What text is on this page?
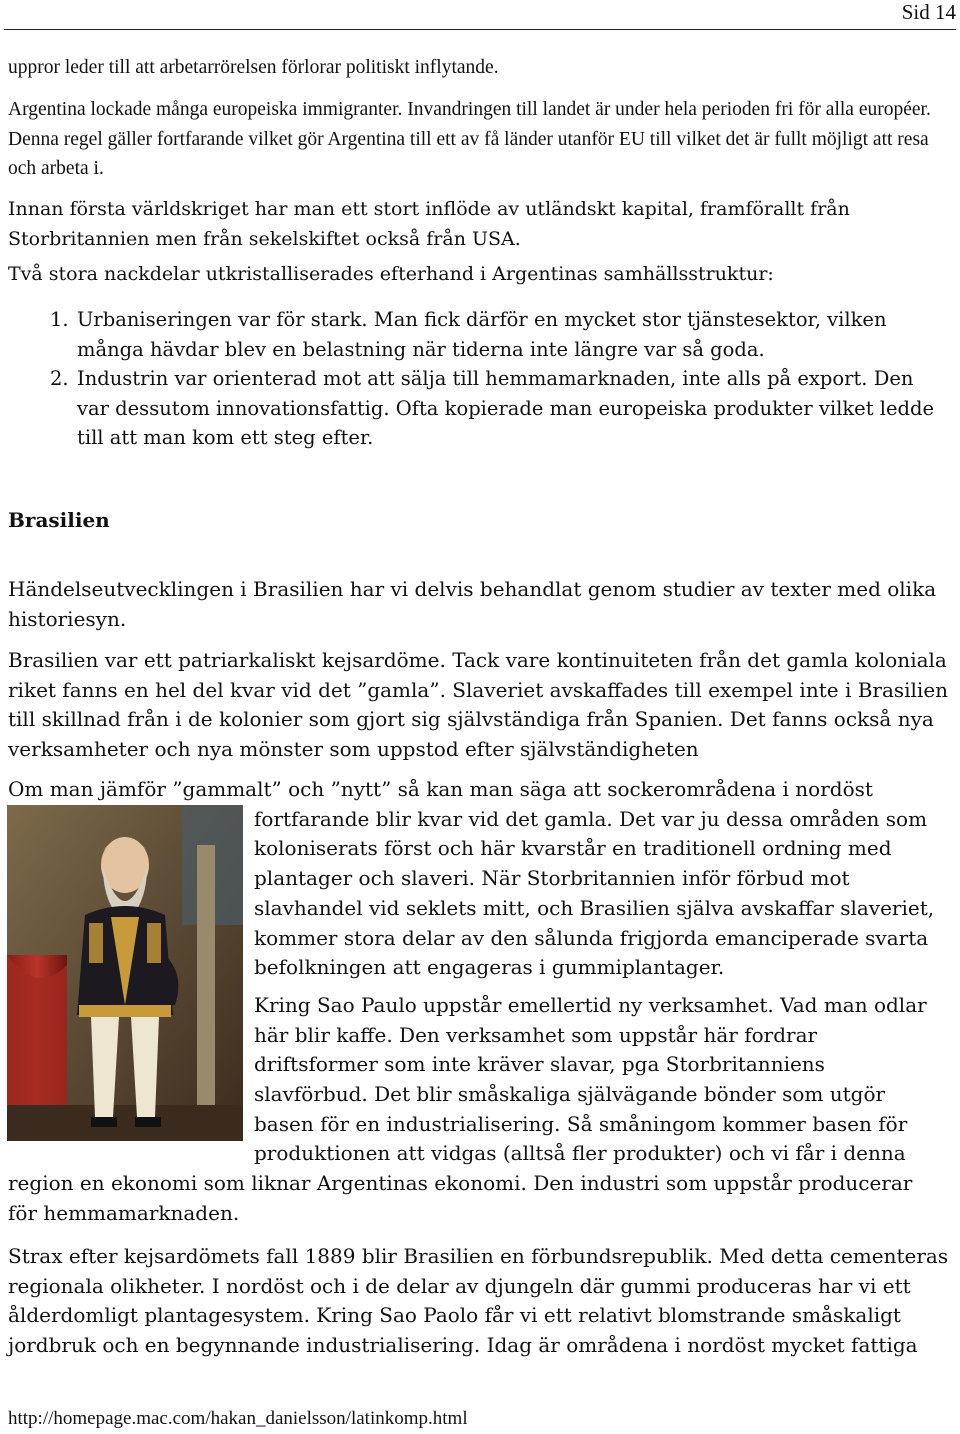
Sid 14

uppror leder till att arbetarrörelsen förlorar politiskt inflytande.

Argentina lockade många europeiska immigranter. Invandringen till landet är under hela perioden fri för alla européer. Denna regel gäller fortfarande vilket gör Argentina till ett av få länder utanför EU till vilket det är fullt möjligt att resa och arbeta i.

Innan första världskriget har man ett stort inflöde av utländskt kapital, framförallt från Storbritannien men från sekelskiftet också från USA.

Två stora nackdelar utkristalliserades efterhand i Argentinas samhällsstruktur:

1. Urbaniseringen var för stark. Man fick därför en mycket stor tjänstesektor, vilken många hävdar blev en belastning när tiderna inte längre var så goda.
2. Industrin var orienterad mot att sälja till hemmamarknaden, inte alls på export. Den var dessutom innovationsfattig. Ofta kopierade man europeiska produkter vilket ledde till att man kom ett steg efter.
Brasilien

Händelseutvecklingen i Brasilien har vi delvis behandlat genom studier av texter med olika historiesyn.

Brasilien var ett patriarkaliskt kejsardöme. Tack vare kontinuiteten från det gamla koloniala riket fanns en hel del kvar vid det ”gamla”. Slaveriet avskaffades till exempel inte i Brasilien till skillnad från i de kolonier som gjort sig självständiga från Spanien. Det fanns också nya verksamheter och nya mönster som uppstod efter självständigheten

Om man jämför ”gammalt” och ”nytt” så kan man säga att sockerområdena i nordöst
fortfarande blir kvar vid det gamla. Det var ju dessa områden som
koloniserats först och här kvarstår en traditionell ordning med
plantager och slaveri. När Storbritannien inför förbud mot
slavhandel vid seklets mitt, och Brasilien själva avskaffar slaveriet,
kommer stora delar av den sålunda frigjorda emanciperade svarta
befolkningen att engageras i gummiplantager.
Kring Sao Paulo uppstår emellertid ny verksamhet. Vad man odlar
här blir kaffe. Den verksamhet som uppstår här fordrar
driftsformer som inte kräver slavar, pga Storbritanniens
slavförbud. Det blir småskaliga självägande bönder som utgör
basen för en industrialisering. Så småningom kommer basen för
produktionen att vidgas (alltså fler produkter) och vi får i denna
region en ekonomi som liknar Argentinas ekonomi. Den industri som uppstår producerar
för hemmamarknaden.

Strax efter kejsardömets fall 1889 blir Brasilien en förbundsrepublik. Med detta cementeras regionala olikheter. I nordöst och i de delar av djungeln där gummi produceras har vi ett ålderdomligt plantagesystem. Kring Sao Paolo får vi ett relativt blomstrande småskaligt jordbruk och en begynnande industrialisering. Idag är områdena i nordöst mycket fattiga

http://homepage.mac.com/hakan_danielsson/latinkomp.html
